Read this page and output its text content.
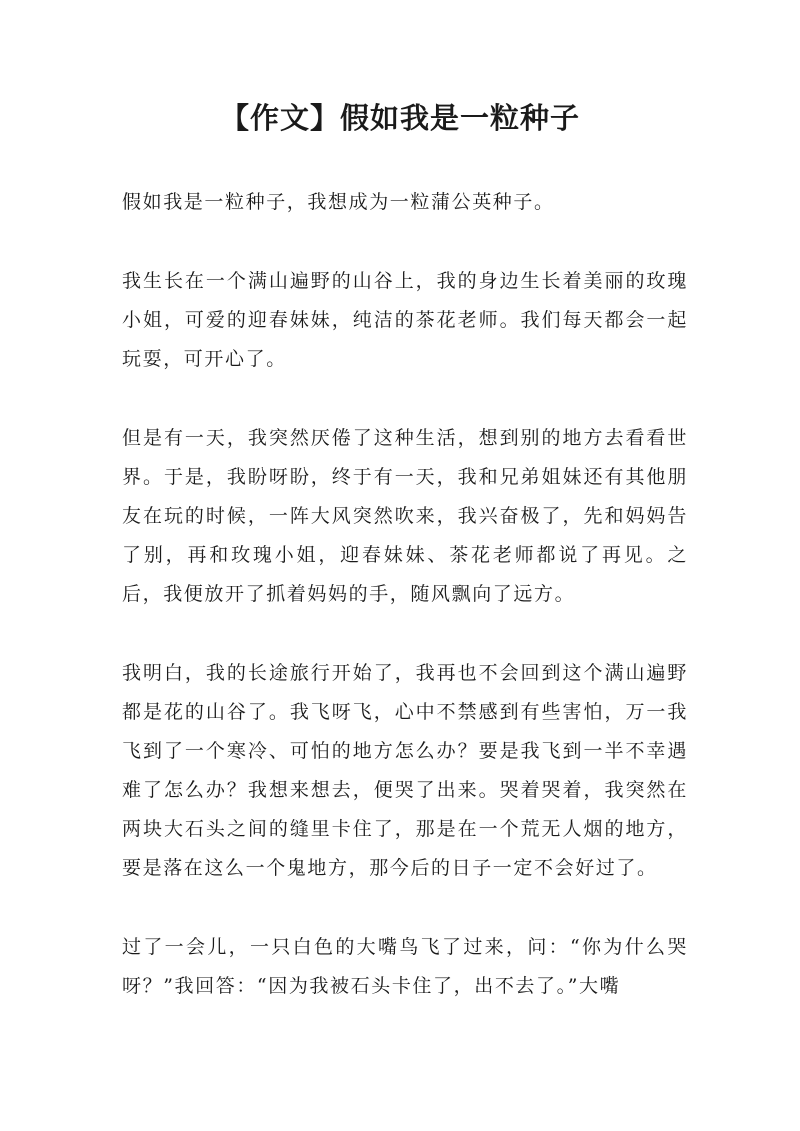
【作文】假如我是一粒种子

假如我是一粒种子，我想成为一粒蒲公英种子。

我生长在一个满山遍野的山谷上，我的身边生长着美丽的玫瑰小姐，可爱的迎春妹妹，纯洁的茶花老师。我们每天都会一起玩耍，可开心了。

但是有一天，我突然厌倦了这种生活，想到别的地方去看看世界。于是，我盼呀盼，终于有一天，我和兄弟姐妹还有其他朋友在玩的时候，一阵大风突然吹来，我兴奋极了，先和妈妈告了别，再和玫瑰小姐，迎春妹妹、茶花老师都说了再见。之后，我便放开了抓着妈妈的手，随风飘向了远方。

我明白，我的长途旅行开始了，我再也不会回到这个满山遍野都是花的山谷了。我飞呀飞，心中不禁感到有些害怕，万一我飞到了一个寒冷、可怕的地方怎么办？要是我飞到一半不幸遇难了怎么办？我想来想去，便哭了出来。哭着哭着，我突然在两块大石头之间的缝里卡住了，那是在一个荒无人烟的地方，要是落在这么一个鬼地方，那今后的日子一定不会好过了。

过了一会儿，一只白色的大嘴鸟飞了过来，问：“你为什么哭呀？”我回答：“因为我被石头卡住了，出不去了。”大嘴
